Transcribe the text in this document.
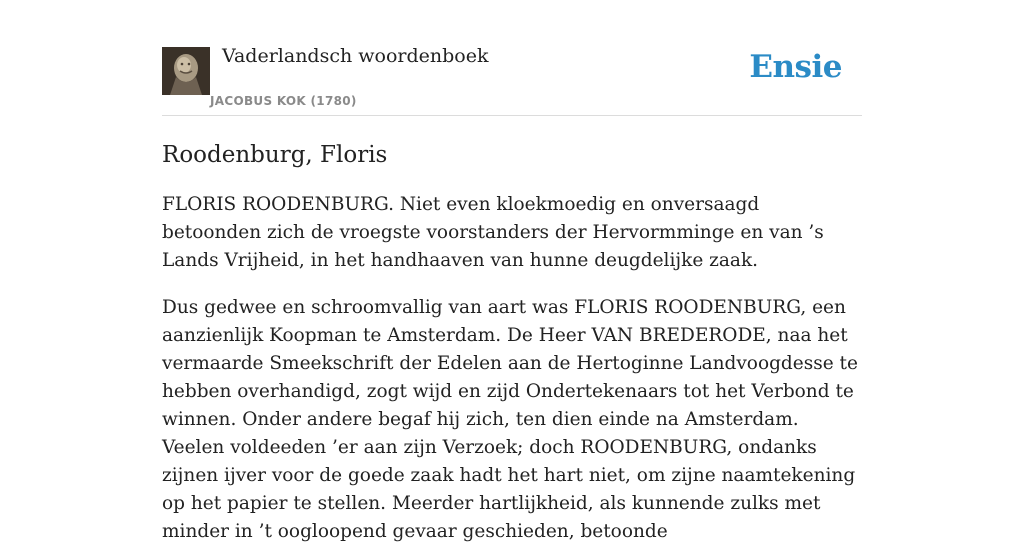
Vaderlandsch woordenboek
JACOBUS KOK (1780)
Ensie
Roodenburg, Floris

FLORIS ROODENBURG. Niet even kloekmoedig en onversaagd betoonden zich de vroegste voorstanders der Hervormminge en van ’s Lands Vrijheid, in het handhaaven van hunne deugdelijke zaak.

Dus gedwee en schroomvallig van aart was FLORIS ROODENBURG, een aanzienlijk Koopman te Amsterdam. De Heer VAN BREDERODE, naa het vermaarde Smeekschrift der Edelen aan de Hertoginne Landvoogdesse te hebben overhandigd, zogt wijd en zijd Ondertekenaars tot het Verbond te winnen. Onder andere begaf hij zich, ten dien einde na Amsterdam. Veelen voldeeden ’er aan zijn Verzoek; doch ROODENBURG, ondanks zijnen ijver voor de goede zaak hadt het hart niet, om zijne naamtekening op het papier te stellen. Meerder hartlijkheid, als kunnende zulks met minder in ’t oogloopend gevaar geschieden, betoonde
